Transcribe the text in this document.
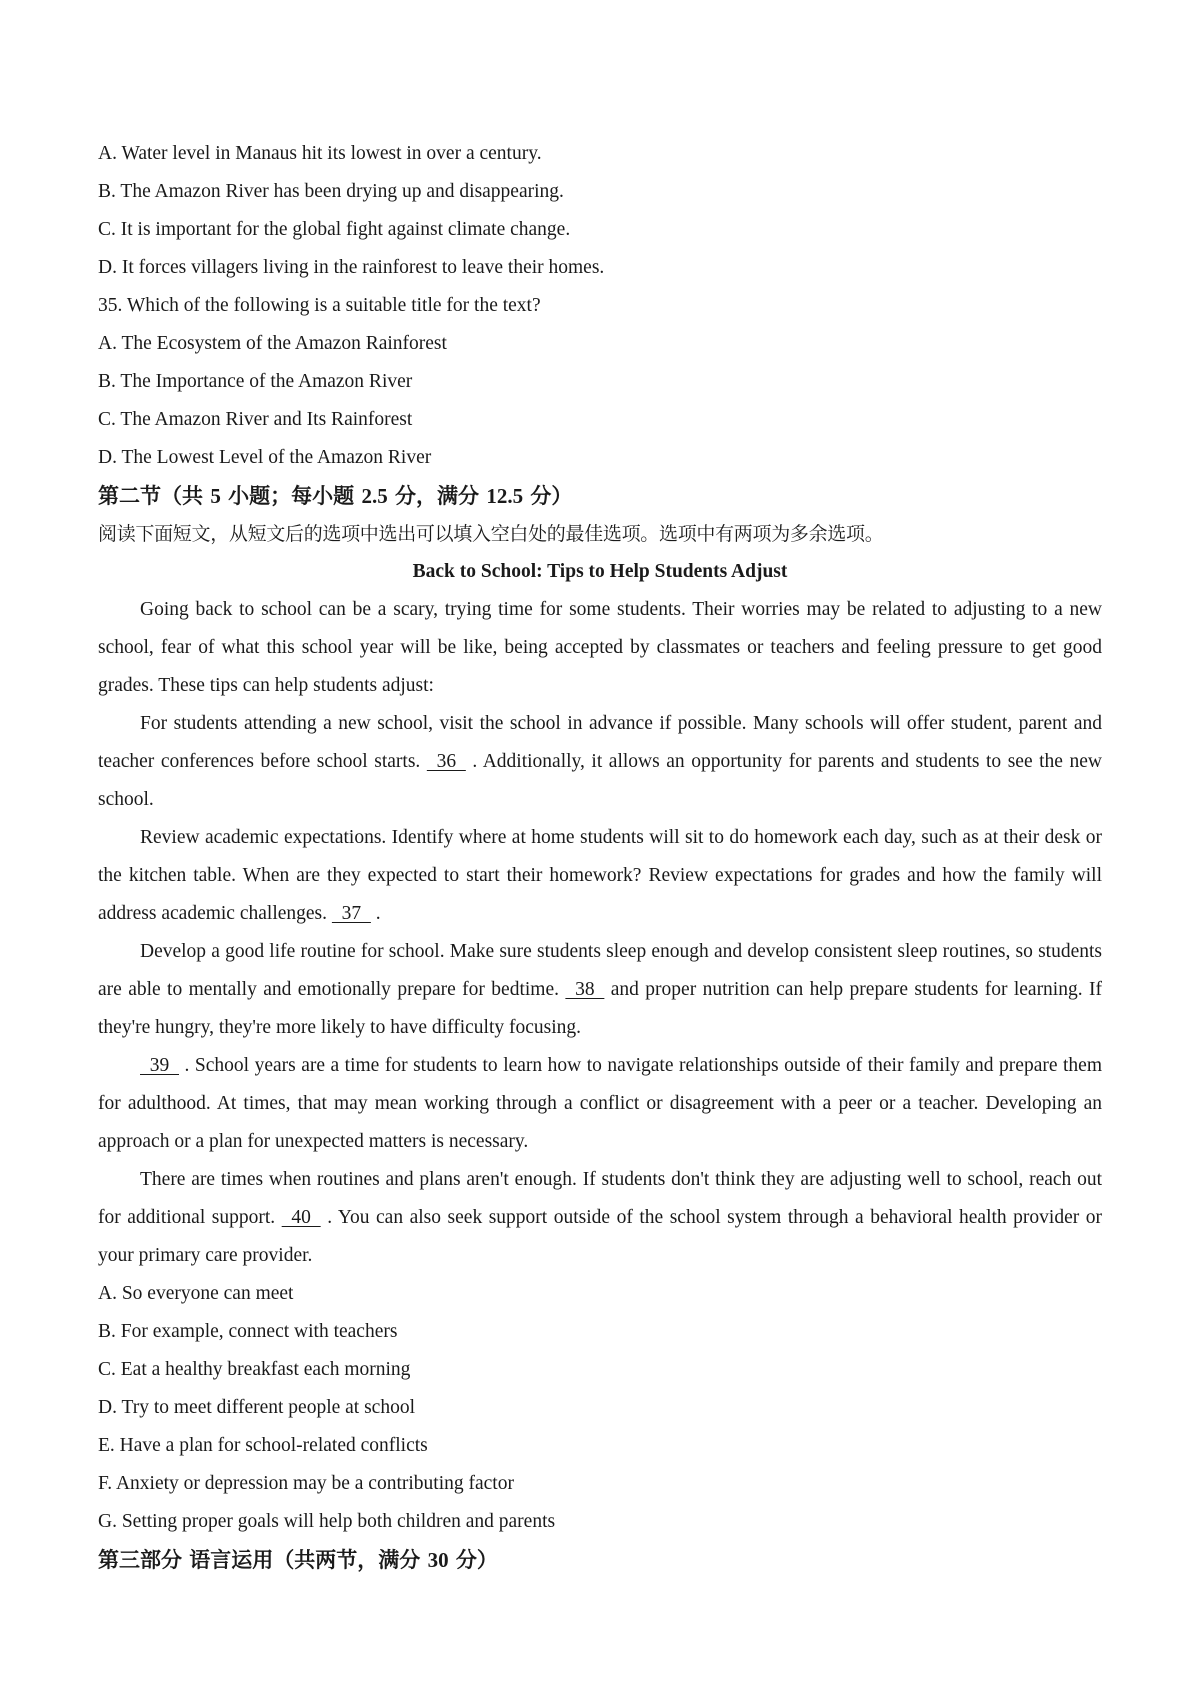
A. Water level in Manaus hit its lowest in over a century.
B. The Amazon River has been drying up and disappearing.
C. It is important for the global fight against climate change.
D. It forces villagers living in the rainforest to leave their homes.
35. Which of the following is a suitable title for the text?
A. The Ecosystem of the Amazon Rainforest
B. The Importance of the Amazon River
C. The Amazon River and Its Rainforest
D. The Lowest Level of the Amazon River
第二节（共 5 小题；每小题 2.5 分，满分 12.5 分）
阅读下面短文，从短文后的选项中选出可以填入空白处的最佳选项。选项中有两项为多余选项。
Back to School: Tips to Help Students Adjust
Going back to school can be a scary, trying time for some students. Their worries may be related to adjusting to a new school, fear of what this school year will be like, being accepted by classmates or teachers and feeling pressure to get good grades. These tips can help students adjust:
For students attending a new school, visit the school in advance if possible. Many schools will offer student, parent and teacher conferences before school starts.   36   . Additionally, it allows an opportunity for parents and students to see the new school.
Review academic expectations. Identify where at home students will sit to do homework each day, such as at their desk or the kitchen table. When are they expected to start their homework? Review expectations for grades and how the family will address academic challenges.   37   .
Develop a good life routine for school. Make sure students sleep enough and develop consistent sleep routines, so students are able to mentally and emotionally prepare for bedtime.   38   and proper nutrition can help prepare students for learning. If they're hungry, they're more likely to have difficulty focusing.
39   . School years are a time for students to learn how to navigate relationships outside of their family and prepare them for adulthood. At times, that may mean working through a conflict or disagreement with a peer or a teacher. Developing an approach or a plan for unexpected matters is necessary.
There are times when routines and plans aren't enough. If students don't think they are adjusting well to school, reach out for additional support.   40   . You can also seek support outside of the school system through a behavioral health provider or your primary care provider.
A. So everyone can meet
B. For example, connect with teachers
C. Eat a healthy breakfast each morning
D. Try to meet different people at school
E. Have a plan for school-related conflicts
F. Anxiety or depression may be a contributing factor
G. Setting proper goals will help both children and parents
第三部分 语言运用（共两节，满分 30 分）
